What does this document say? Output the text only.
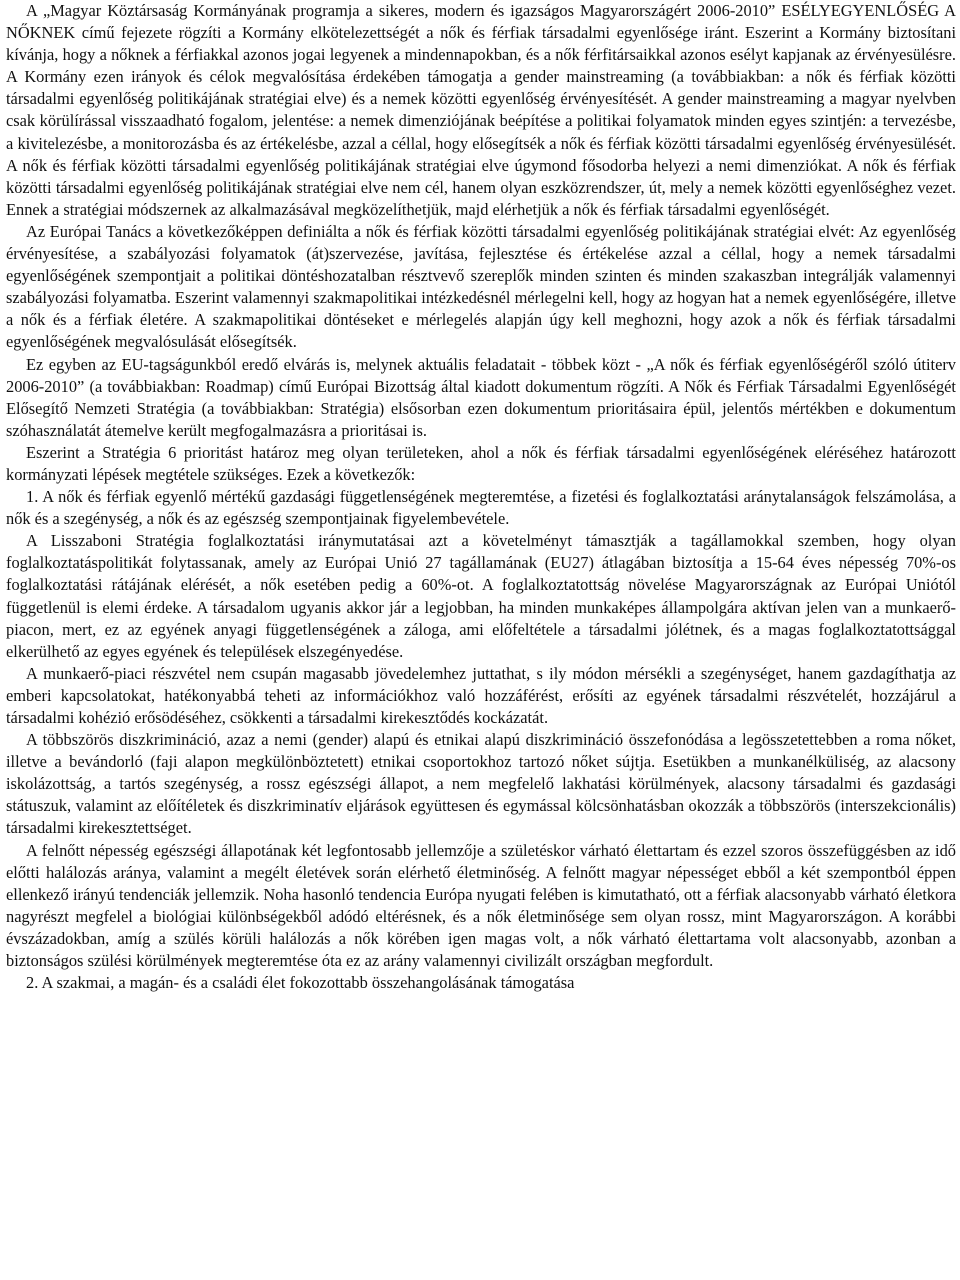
A „Magyar Köztársaság Kormányának programja a sikeres, modern és igazságos Magyarországért 2006-2010” ESÉLYEGYENLŐSÉG A NŐKNEK című fejezete rögzíti a Kormány elkötelezettségét a nők és férfiak társadalmi egyenlősége iránt. Eszerint a Kormány biztosítani kívánja, hogy a nőknek a férfiakkal azonos jogai legyenek a mindennapokban, és a nők férfitársaikkal azonos esélyt kapjanak az érvényesülésre. A Kormány ezen irányok és célok megvalósítása érdekében támogatja a gender mainstreaming (a továbbiakban: a nők és férfiak közötti társadalmi egyenlőség politikájának stratégiai elve) és a nemek közötti egyenlőség érvényesítését. A gender mainstreaming a magyar nyelvben csak körülírással visszaadható fogalom, jelentése: a nemek dimenziójának beépítése a politikai folyamatok minden egyes szintjén: a tervezésbe, a kivitelezésbe, a monitorozásba és az értékelésbe, azzal a céllal, hogy elősegítsék a nők és férfiak közötti társadalmi egyenlőség érvényesülését. A nők és férfiak közötti társadalmi egyenlőség politikájának stratégiai elve úgymond fősodorba helyezi a nemi dimenziókat. A nők és férfiak közötti társadalmi egyenlőség politikájának stratégiai elve nem cél, hanem olyan eszközrendszer, út, mely a nemek közötti egyenlőséghez vezet. Ennek a stratégiai módszernek az alkalmazásával megközelíthetjük, majd elérhetjük a nők és férfiak társadalmi egyenlőségét.

Az Európai Tanács a következőképpen definiálta a nők és férfiak közötti társadalmi egyenlőség politikájának stratégiai elvét: Az egyenlőség érvényesítése, a szabályozási folyamatok (át)szervezése, javítása, fejlesztése és értékelése azzal a céllal, hogy a nemek társadalmi egyenlőségének szempontjait a politikai döntéshozatalban résztvevő szereplők minden szinten és minden szakaszban integrálják valamennyi szabályozási folyamatba. Eszerint valamennyi szakmapolitikai intézkedésnél mérlegelni kell, hogy az hogyan hat a nemek egyenlőségére, illetve a nők és a férfiak életére. A szakmapolitikai döntéseket e mérlegelés alapján úgy kell meghozni, hogy azok a nők és férfiak társadalmi egyenlőségének megvalósulását elősegítsék.

Ez egyben az EU-tagságunkból eredő elvárás is, melynek aktuális feladatait - többek közt - „A nők és férfiak egyenlőségéről szóló útiterv 2006-2010” (a továbbiakban: Roadmap) című Európai Bizottság által kiadott dokumentum rögzíti. A Nők és Férfiak Társadalmi Egyenlőségét Elősegítő Nemzeti Stratégia (a továbbiakban: Stratégia) elsősorban ezen dokumentum prioritásaira épül, jelentős mértékben e dokumentum szóhasználatát átemelve került megfogalmazásra a prioritásai is.

Eszerint a Stratégia 6 prioritást határoz meg olyan területeken, ahol a nők és férfiak társadalmi egyenlőségének eléréséhez határozott kormányzati lépések megtétele szükséges. Ezek a következők:

1. A nők és férfiak egyenlő mértékű gazdasági függetlenségének megteremtése, a fizetési és foglalkoztatási aránytalanságok felszámolása, a nők és a szegénység, a nők és az egészség szempontjainak figyelembevétele.

A Lisszaboni Stratégia foglalkoztatási iránymutatásai azt a követelményt támasztják a tagállamokkal szemben, hogy olyan foglalkoztatáspolitikát folytassanak, amely az Európai Unió 27 tagállamának (EU27) átlagában biztosítja a 15-64 éves népesség 70%-os foglalkoztatási rátájának elérését, a nők esetében pedig a 60%-ot. A foglalkoztatottság növelése Magyarországnak az Európai Uniótól függetlenül is elemi érdeke. A társadalom ugyanis akkor jár a legjobban, ha minden munkaképes állampolgára aktívan jelen van a munkaerő-piacon, mert, ez az egyének anyagi függetlenségének a záloga, ami előfeltétele a társadalmi jólétnek, és a magas foglalkoztatottsággal elkerülhető az egyes egyének és települések elszegényedése.

A munkaerő-piaci részvétel nem csupán magasabb jövedelemhez juttathat, s ily módon mérsékli a szegénységet, hanem gazdagíthatja az emberi kapcsolatokat, hatékonyabbá teheti az információkhoz való hozzáférést, erősíti az egyének társadalmi részvételét, hozzájárul a társadalmi kohézió erősödéséhez, csökkenti a társadalmi kirekesztődés kockázatát.

A többszörös diszkrimináció, azaz a nemi (gender) alapú és etnikai alapú diszkrimináció összefonódása a legösszetettebben a roma nőket, illetve a bevándorló (faji alapon megkülönböztetett) etnikai csoportokhoz tartozó nőket sújtja. Esetükben a munkanélküliség, az alacsony iskolázottság, a tartós szegénység, a rossz egészségi állapot, a nem megfelelő lakhatási körülmények, alacsony társadalmi és gazdasági státuszuk, valamint az előítéletek és diszkriminatív eljárások együttesen és egymással kölcsönhatásban okozzák a többszörös (interszekcionális) társadalmi kirekesztettséget.

A felnőtt népesség egészségi állapotának két legfontosabb jellemzője a születéskor várható élettartam és ezzel szoros összefüggésben az idő előtti halálozás aránya, valamint a megélt életévek során elérhető életminőség. A felnőtt magyar népességet ebből a két szempontból éppen ellenkező irányú tendenciák jellemzik. Noha hasonló tendencia Európa nyugati felében is kimutatható, ott a férfiak alacsonyabb várható életkora nagyrészt megfelel a biológiai különbségekből adódó eltérésnek, és a nők életminősége sem olyan rossz, mint Magyarországon. A korábbi évszázadokban, amíg a szülés körüli halálozás a nők körében igen magas volt, a nők várható élettartama volt alacsonyabb, azonban a biztonságos szülési körülmények megteremtése óta ez az arány valamennyi civilizált országban megfordult.

2. A szakmai, a magán- és a családi élet fokozottabb összehangolásának támogatása
